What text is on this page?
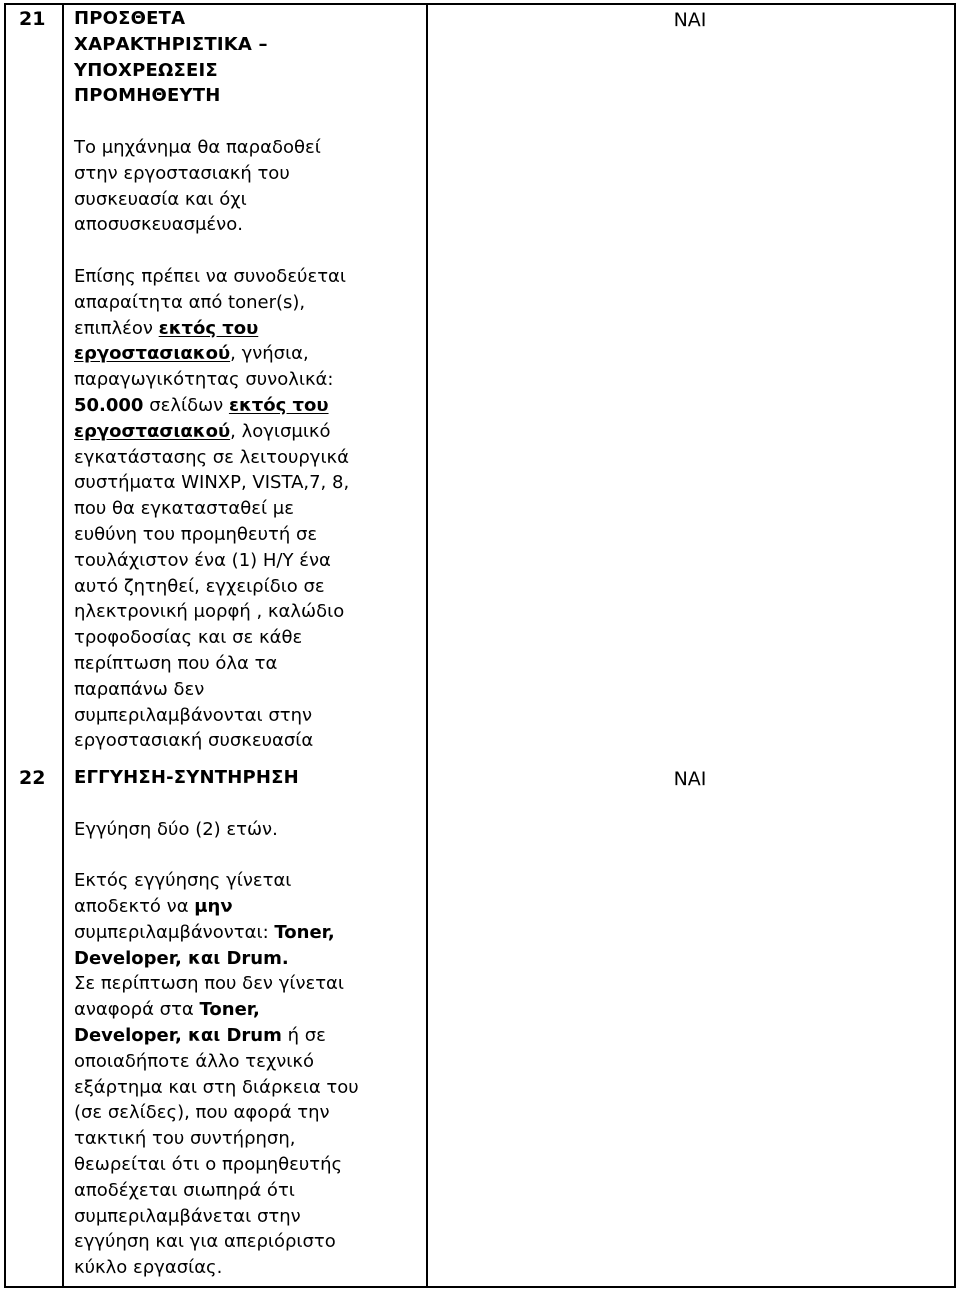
21 ΠΡΟΣΘΕΤΑ

ΧΑΡΑΚΤΗΡΙΣΤΙΚΑ –

ΥΠΟΧΡΕΩΣΕΙΣ

ΠΡΟΜΗΘΕΥΤΗ

Το μηχάνημα θα παραδοθεί

στην εργοστασιακή του

συσκευασία και όχι

αποσυσκευασμένο.

Επίσης πρέπει να συνοδεύεται

απαραίτητα από toner(s),

επιπλέον εκτός του

εργοστασιακού, γνήσια,

παραγωγικότητας συνολικά:

50.000 σελίδων εκτός του

εργοστασιακού, λογισμικό

εγκατάστασης σε λειτουργικά

συστήματα WINXP, VISTA,7, 8,

που θα εγκατασταθεί με

ευθύνη του προμηθευτή σε

τουλάχιστον ένα (1) Η/Υ ένα

αυτό ζητηθεί, εγχειρίδιο σε

ηλεκτρονική μορφή , καλώδιο

τροφοδοσίας και σε κάθε

περίπτωση που όλα τα

παραπάνω δεν

συμπεριλαμβάνονται στην

εργοστασιακή συσκευασία

ΝΑΙ
22 ΕΓΓΥΗΣΗ-ΣΥΝΤΗΡΗΣΗ

Εγγύηση δύο (2) ετών.

Εκτός εγγύησης γίνεται

αποδεκτό να μην

συμπεριλαμβάνονται: Toner,

Developer, και Drum.

Σε περίπτωση που δεν γίνεται

αναφορά στα Toner,

Developer, και Drum ή σε

οποιαδήποτε άλλο τεχνικό

εξάρτημα και στη διάρκεια του

(σε σελίδες), που αφορά την

τακτική του συντήρηση,

θεωρείται ότι ο προμηθευτής

αποδέχεται σιωπηρά ότι

συμπεριλαμβάνεται στην

εγγύηση και για απεριόριστο

κύκλο εργασίας.

ΝΑΙ
